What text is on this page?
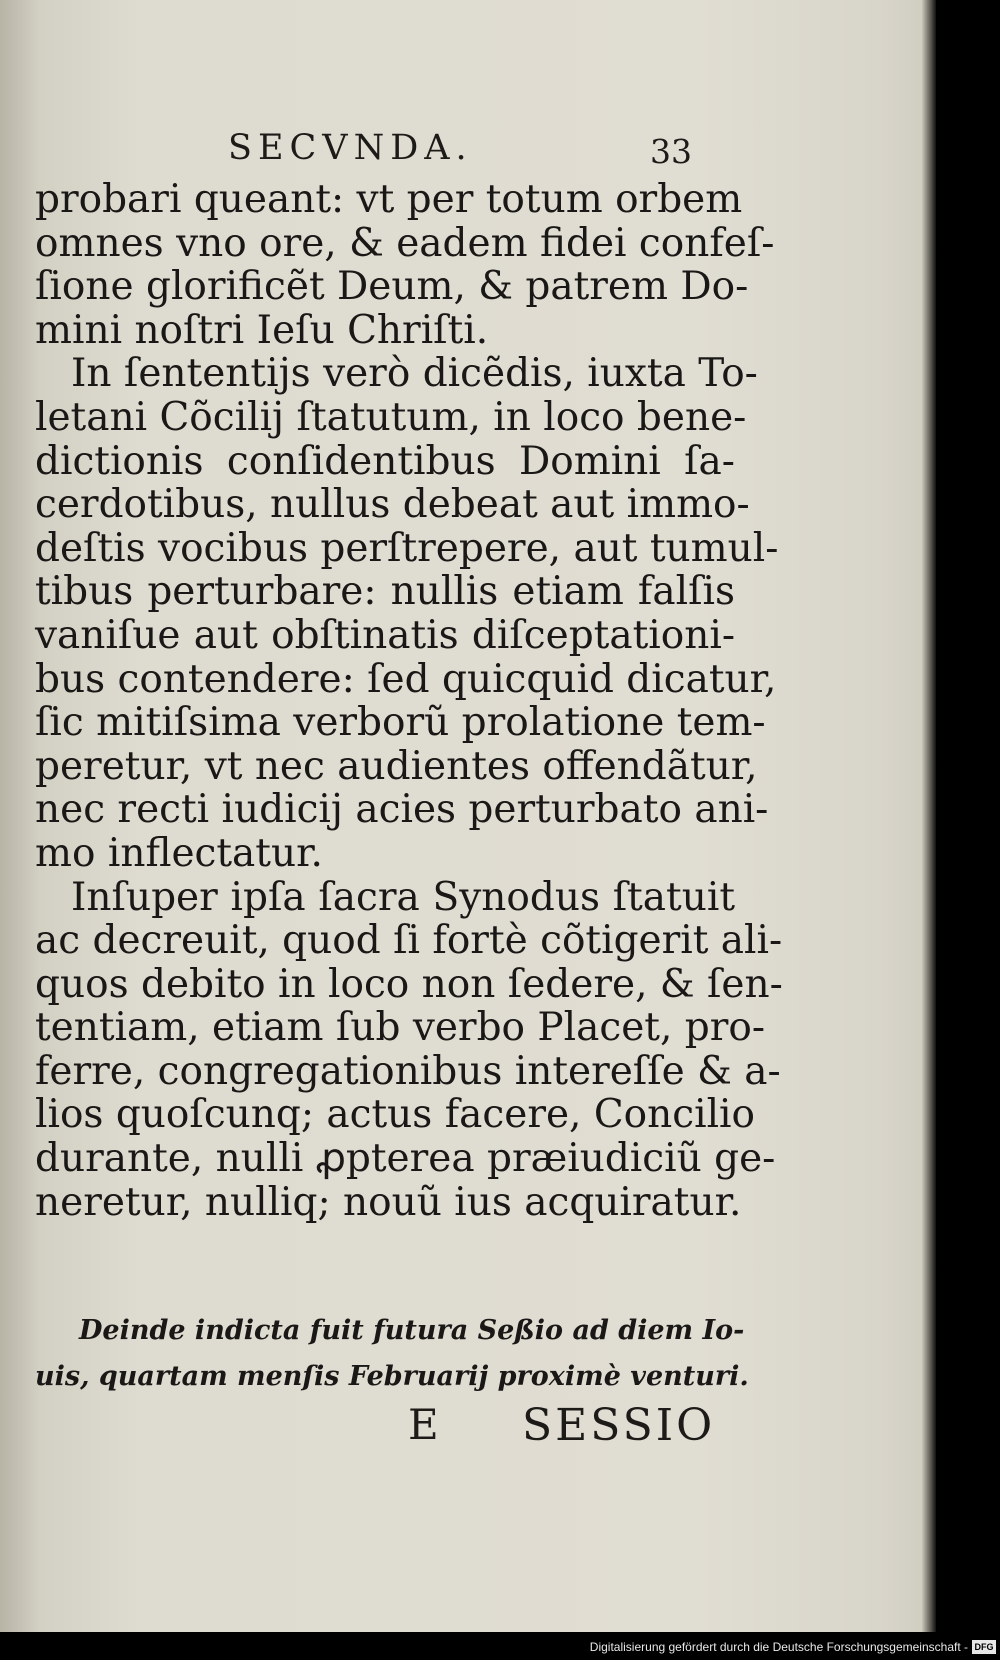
SECVNDA.	33
probari queant: vt per totum orbem
omnes vno ore, & eadem fidei confeſ-
ſione glorificẽt Deum, & patrem Do-
mini noſtri Ieſu Chriſti.
In ſententijs verò dicẽdis, iuxta To-
letani Cõcilij ſtatutum, in loco bene-
dictionis conſidentibus Domini ſa-
cerdotibus, nullus debeat aut immo-
deſtis vocibus perſtrepere, aut tumul-
tibus perturbare: nullis etiam falſis
vaniſue aut obſtinatis diſceptationi-
bus contendere: ſed quicquid dicatur,
ſic mitiſsima verborũ prolatione tem-
peretur, vt nec audientes offendãtur,
nec recti iudicij acies perturbato ani-
mo inflectatur.
Inſuper ipſa ſacra Synodus ſtatuit
ac decreuit, quod ſi fortè cõtigerit ali-
quos debito in loco non ſedere, & ſen-
tentiam, etiam ſub verbo Placet, pro-
ferre, congregationibus intereſſe & a-
lios quoſcunq; actus facere, Concilio
durante, nulli ꝓpterea præiudiciũ ge-
neretur, nulliq; nouũ ius acquiratur.
Deinde indicta fuit futura Seßio ad diem Io-
uis, quartam menſis Februarij proximè venturi.
E SESSIO
Digitalisierung gefördert durch die Deutsche Forschungsgemeinschaft - DFG
